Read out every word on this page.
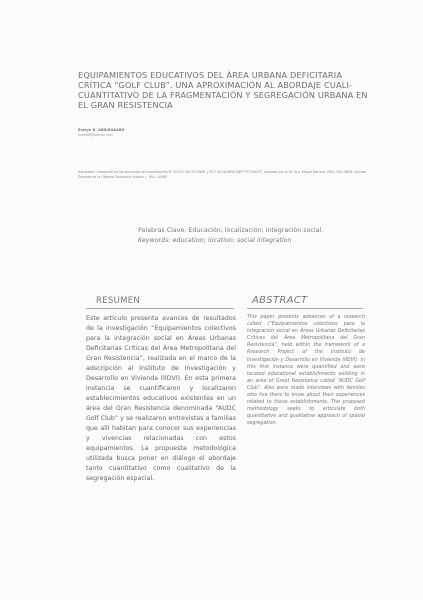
EQUIPAMIENTOS EDUCATIVOS DEL ÁREA URBANA DEFICITARIA CRÍTICA “GOLF CLUB”. UNA APROXIMACIÓN AL ABORDAJE CUALI-CUANTITATIVO DE LA FRAGMENTACIÓN Y SEGREGACIÓN URBANA EN EL GRAN RESISTENCIA
Evelyn R. ABILDGAARD
evea68@hotmail.com
Arquitecta. Integrante de los proyectos de investigación PI 12/C01 SGCYT-UNNE y PICT 2014/0898 ANPCYT-FONCYT, dirigidos por el Dr. Arq. Miguel Barreto. IIDVI, FAU-UNNE. Auxiliar Docente de la Cátedra Desarrollo Urbano I - FAU - UNNE
Palabras Clave: Educación; localización; integración social.
Keywords: education; location; social integration
RESUMEN	ABSTRACT
Este artículo presenta avances de resultados de la investigación “Equipamientos colectivos para la integración social en Áreas Urbanas Deficitarias Críticas del Área Metropolitana del Gran Resistencia”, realizada en el marco de la adscripción al Instituto de Investigación y Desarrollo en Vivienda (IIDVI). En esta primera instancia se cuantificaron y localizaron establecimientos educativos existentes en un área del Gran Resistencia denominada “AUDC Golf Club” y se realizaron entrevistas a familias que allí habitan para conocer sus experiencias y vivencias relacionadas con estos equipamientos. La propuesta metodológica utilizada busca poner en diálogo el abordaje tanto cuantitativo como cualitativo de la segregación espacial.
This paper presents advances of a research called (“Equipamientos colectivos para la integración social en Áreas Urbanas Deficitarias Críticas del Área Metropolitana del Gran Resistencia”, held within the framework of a Research Project of the Instituto de Investigación y Desarrollo en Vivienda (IIDVI). In this first instance were quantified and were located educational establishments existing in an area of Great Resistance called “AUDC Golf Club”. Also were made interviews with families who live there to know about their experiences related to these establishments. The proposed methodology seeks to articulate both quantitative and qualitative approach of spatial segregation.
